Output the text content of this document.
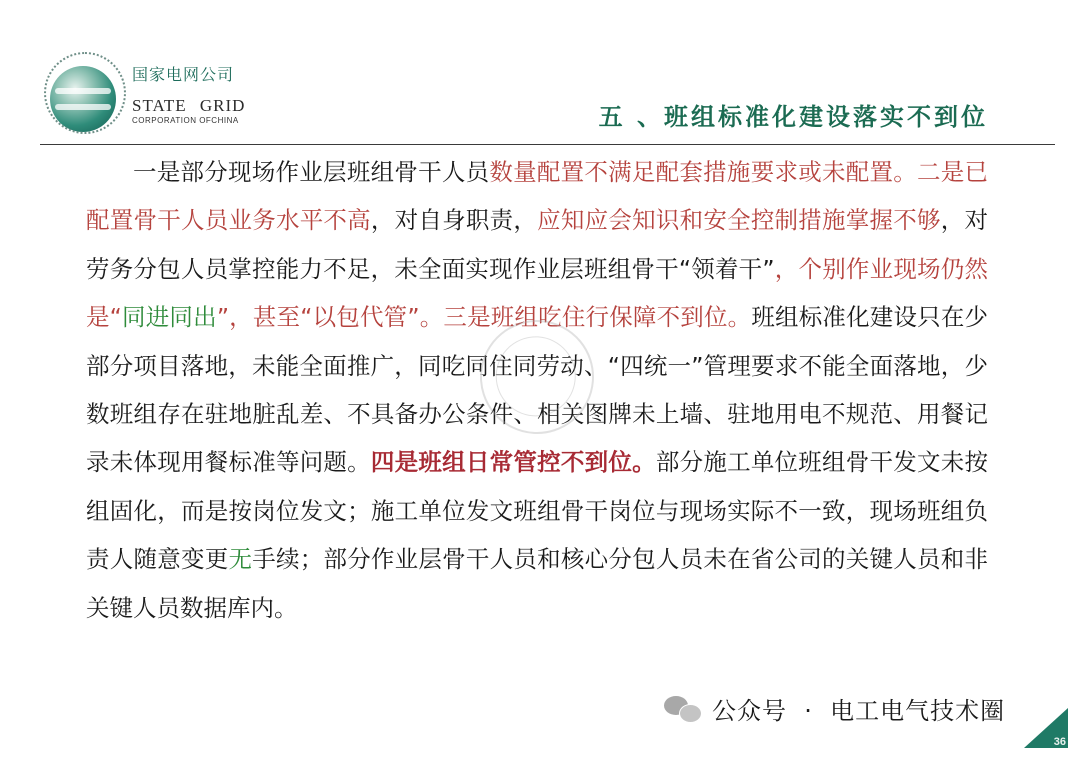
国家电网公司
STATE GRID
CORPORATION OFCHINA	五 、班组标准化建设落实不到位

一是部分现场作业层班组骨干人员数量配置不满足配套措施要求或未配置。二是已配置骨干人员业务水平不高，对自身职责，应知应会知识和安全控制措施掌握不够，对劳务分包人员掌控能力不足，未全面实现作业层班组骨干“领着干”，个别作业现场仍然是“同进同出”，甚至“以包代管”。三是班组吃住行保障不到位。班组标准化建设只在少部分项目落地，未能全面推广，同吃同住同劳动、“四统一”管理要求不能全面落地，少数班组存在驻地脏乱差、不具备办公条件、相关图牌未上墙、驻地用电不规范、用餐记录未体现用餐标准等问题。四是班组日常管控不到位。部分施工单位班组骨干发文未按组固化，而是按岗位发文；施工单位发文班组骨干岗位与现场实际不一致，现场班组负责人随意变更无手续；部分作业层骨干人员和核心分包人员未在省公司的关键人员和非关键人员数据库内。

公众号  ·  电工电气技术圈
36
